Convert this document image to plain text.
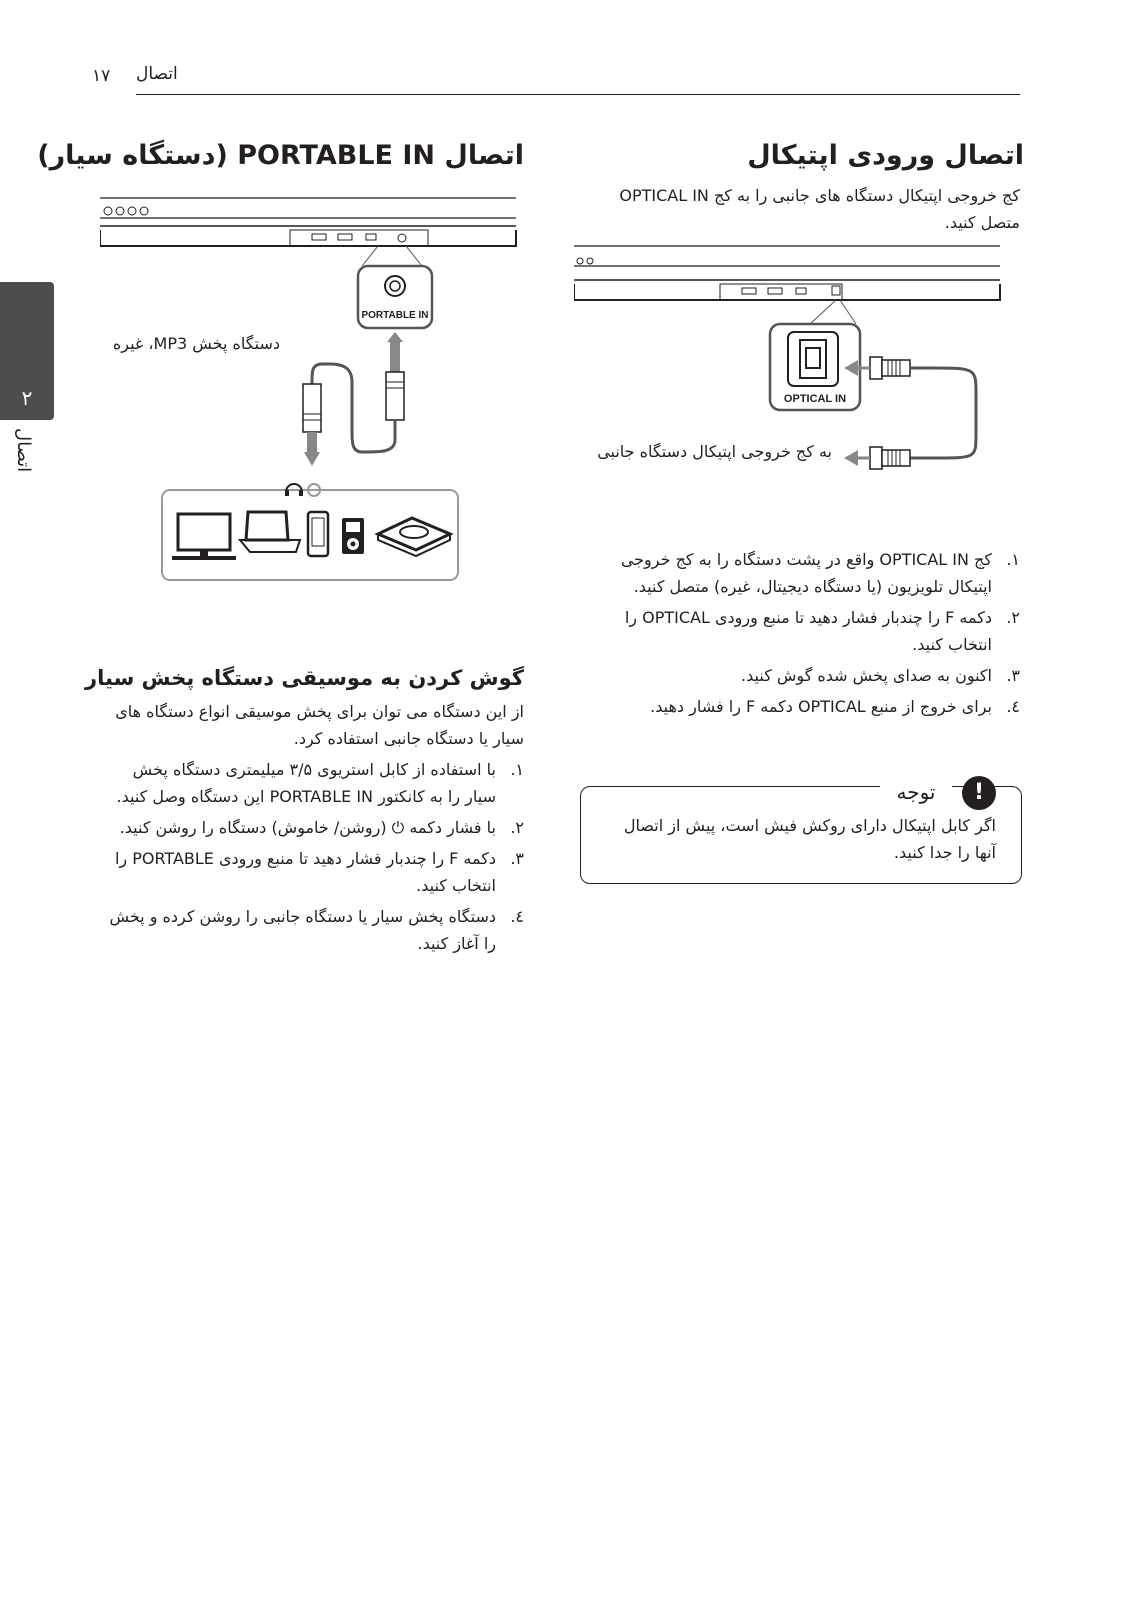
۱۷ اتصال
۲
اتصال
اتصال ورودی اپتیکال
کج خروجی اپتیکال دستگاه های جانبی را به کج OPTICAL IN متصل کنید.
OPTICAL IN
به کج خروجی اپتیکال دستگاه جانبی
۱.
کج OPTICAL IN واقع در پشت دستگاه را به کج خروجی اپتیکال تلویزیون (یا دستگاه دیجیتال، غیره) متصل کنید.
۲.
دکمه F را چندبار فشار دهید تا منبع ورودی OPTICAL را انتخاب کنید.
۳.
اکنون به صدای پخش شده گوش کنید.
٤.
برای خروج از منبع OPTICAL دکمه F را فشار دهید.
توجه	!
اگر کابل اپتیکال دارای روکش فیش است، پیش از اتصال آنها را جدا کنید.
اتصال PORTABLE IN (دستگاه سیار)
PORTABLE IN
دستگاه پخش MP3، غیره
گوش کردن به موسیقی دستگاه پخش سیار
از این دستگاه می توان برای پخش موسیقی انواع دستگاه های سیار یا دستگاه جانبی استفاده کرد.
۱.
با استفاده از کابل استریوی ۳/۵ میلیمتری دستگاه پخش سیار را به کانکتور PORTABLE IN این دستگاه وصل کنید.
۲.
با فشار دکمه ⏻ (روشن/ خاموش) دستگاه را روشن کنید.
۳.
دکمه F را چندبار فشار دهید تا منبع ورودی PORTABLE را انتخاب کنید.
٤.
دستگاه پخش سیار یا دستگاه جانبی را روشن کرده و پخش را آغاز کنید.
